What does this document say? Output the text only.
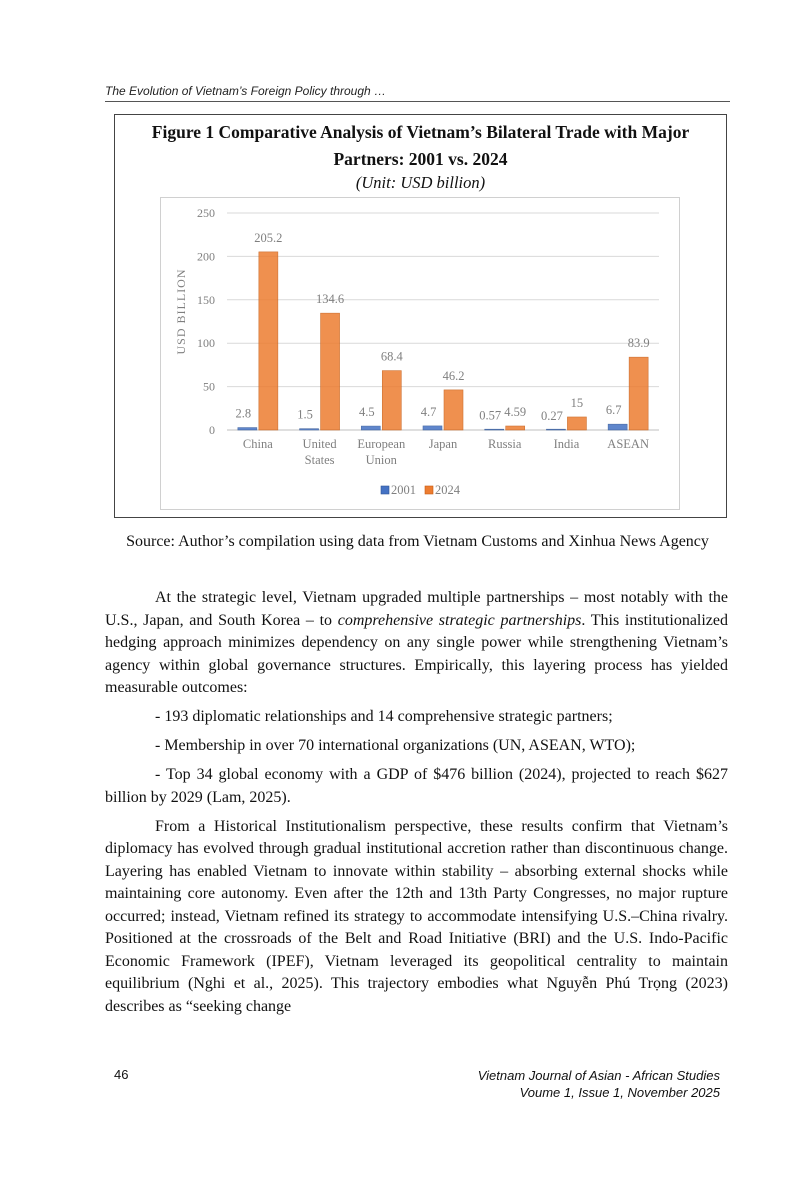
The Evolution of Vietnam’s Foreign Policy through …
Figure 1 Comparative Analysis of Vietnam’s Bilateral Trade with Major Partners: 2001 vs. 2024
(Unit: USD billion)
0
50
100
150
200
250
USD BILLION
2.8
205.2
China
1.5
134.6
United
States
4.5
68.4
European
Union
4.7
46.2
Japan
0.57 4.59
Russia
0.27
15
India
6.7
83.9
ASEAN
2001 2024
Source: Author’s compilation using data from Vietnam Customs and Xinhua News Agency

At the strategic level, Vietnam upgraded multiple partnerships – most notably with the U.S., Japan, and South Korea – to comprehensive strategic partnerships. This institutionalized hedging approach minimizes dependency on any single power while strengthening Vietnam’s agency within global governance structures. Empirically, this layering process has yielded measurable outcomes:

- 193 diplomatic relationships and 14 comprehensive strategic partners;

- Membership in over 70 international organizations (UN, ASEAN, WTO);

- Top 34 global economy with a GDP of $476 billion (2024), projected to reach $627 billion by 2029 (Lam, 2025).

From a Historical Institutionalism perspective, these results confirm that Vietnam’s diplomacy has evolved through gradual institutional accretion rather than discontinuous change. Layering has enabled Vietnam to innovate within stability – absorbing external shocks while maintaining core autonomy. Even after the 12th and 13th Party Congresses, no major rupture occurred; instead, Vietnam refined its strategy to accommodate intensifying U.S.–China rivalry. Positioned at the crossroads of the Belt and Road Initiative (BRI) and the U.S. Indo-Pacific Economic Framework (IPEF), Vietnam leveraged its geopolitical centrality to maintain equilibrium (Nghi et al., 2025). This trajectory embodies what Nguyễn Phú Trọng (2023) describes as “seeking change

46	Vietnam Journal of Asian - African Studies
Voume 1, Issue 1, November 2025
